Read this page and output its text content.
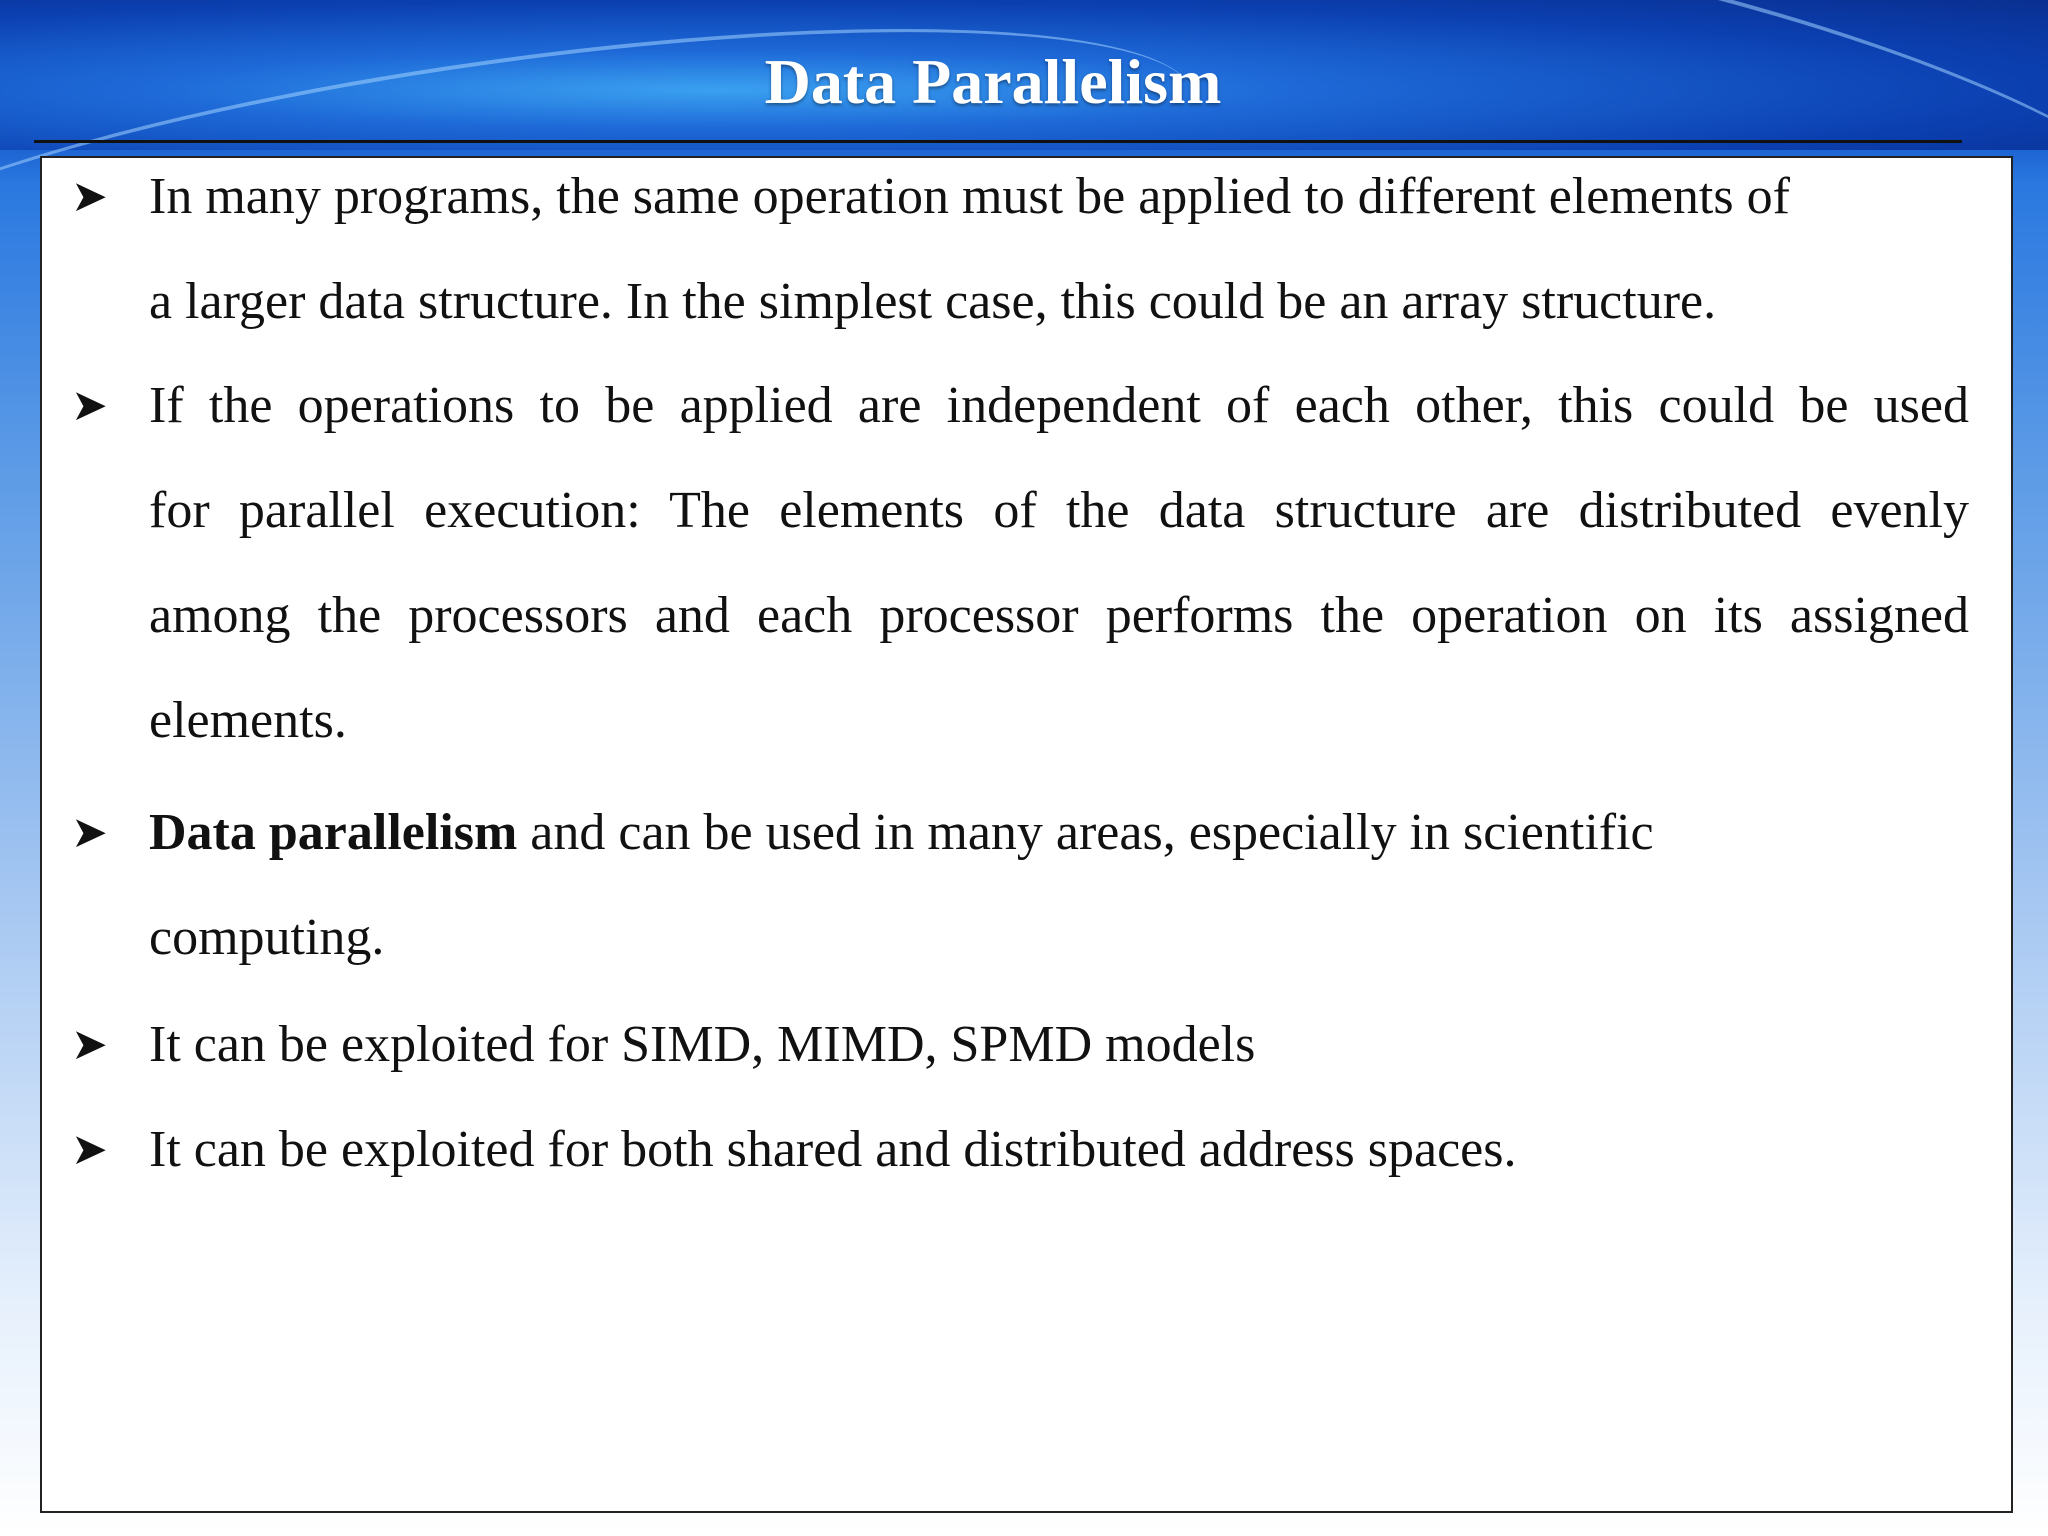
Data Parallelism
➤ In many programs, the same operation must be applied to different elements of
a larger data structure. In the simplest case, this could be an array structure.
➤ If the operations to be applied are independent of each other, this could be used
for parallel execution: The elements of the data structure are distributed evenly
among the processors and each processor performs the operation on its assigned
elements.
➤ Data parallelism and can be used in many areas, especially in scientific
computing.
➤ It can be exploited for SIMD, MIMD, SPMD models
➤ It can be exploited for both shared and distributed address spaces.
